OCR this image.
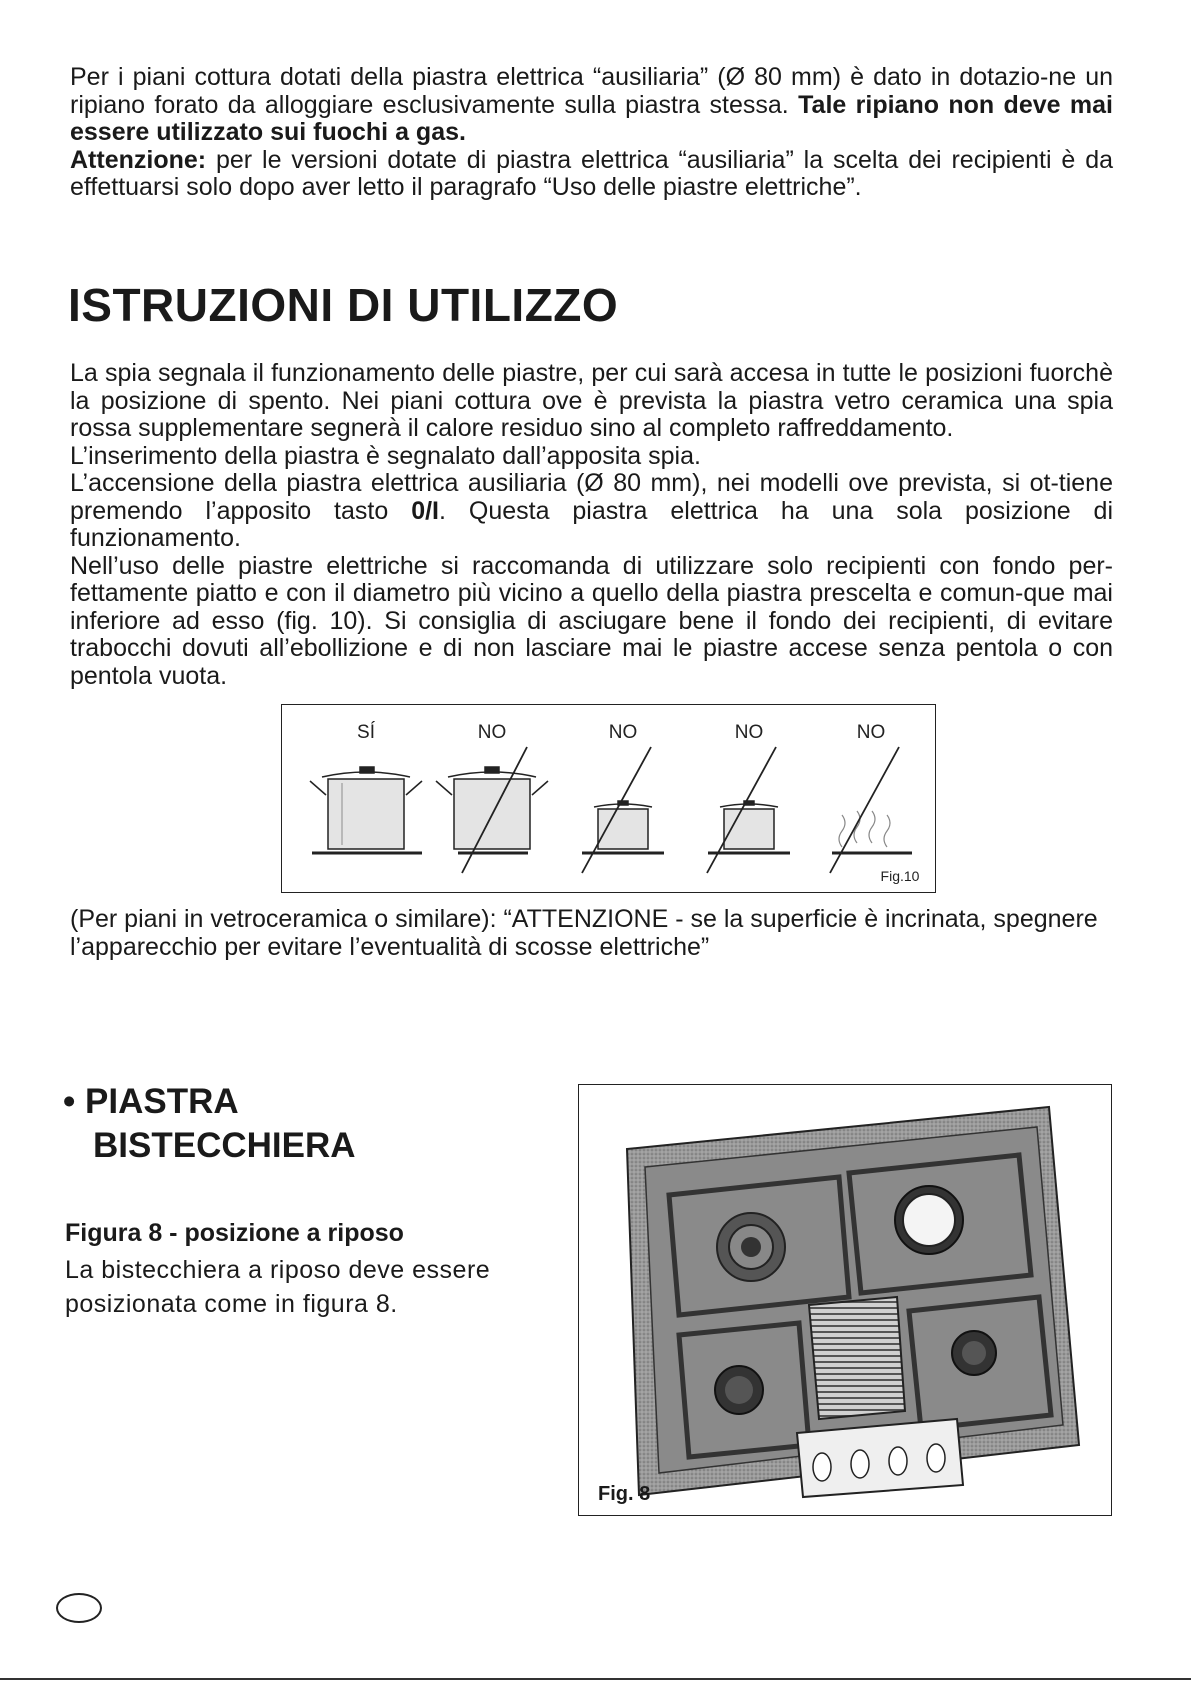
Per i piani cottura dotati della piastra elettrica “ausiliaria” (Ø 80 mm) è dato in dotazio-ne un ripiano forato da alloggiare esclusivamente sulla piastra stessa. Tale ripiano non deve mai essere utilizzato sui fuochi a gas.
Attenzione: per le versioni dotate di piastra elettrica “ausiliaria” la scelta dei recipienti è da effettuarsi solo dopo aver letto il paragrafo “Uso delle piastre elettriche”.

ISTRUZIONI DI UTILIZZO
La spia segnala il funzionamento delle piastre, per cui sarà accesa in tutte le posizioni fuorchè la posizione di spento. Nei piani cottura ove è prevista la piastra vetro ceramica una spia rossa supplementare segnerà il calore residuo sino al completo raffreddamento.
L’inserimento della piastra è segnalato dall’apposita spia.
L’accensione della piastra elettrica ausiliaria (Ø 80 mm), nei modelli ove prevista, si ot-tiene premendo l’apposito tasto 0/I. Questa piastra elettrica ha una sola posizione di funzionamento.
Nell’uso delle piastre elettriche si raccomanda di utilizzare solo recipienti con fondo per-fettamente piatto e con il diametro più vicino a quello della piastra prescelta e comun-que mai inferiore ad esso (fig. 10). Si consiglia di asciugare bene il fondo dei recipienti, di evitare trabocchi dovuti all’ebollizione e di non lasciare mai le piastre accese senza pentola o con pentola vuota.
SÍ	NO	NO	NO	NO
Fig.10

(Per piani in vetroceramica o similare): “ATTENZIONE - se la superficie è incrinata, spegnere l’apparecchio per evitare l’eventualità di scosse elettriche”

• PIASTRA
BISTECCHIERA
Figura 8 - posizione a riposo

La bistecchiera a riposo deve essere posizionata come in figura 8.

Fig. 8
